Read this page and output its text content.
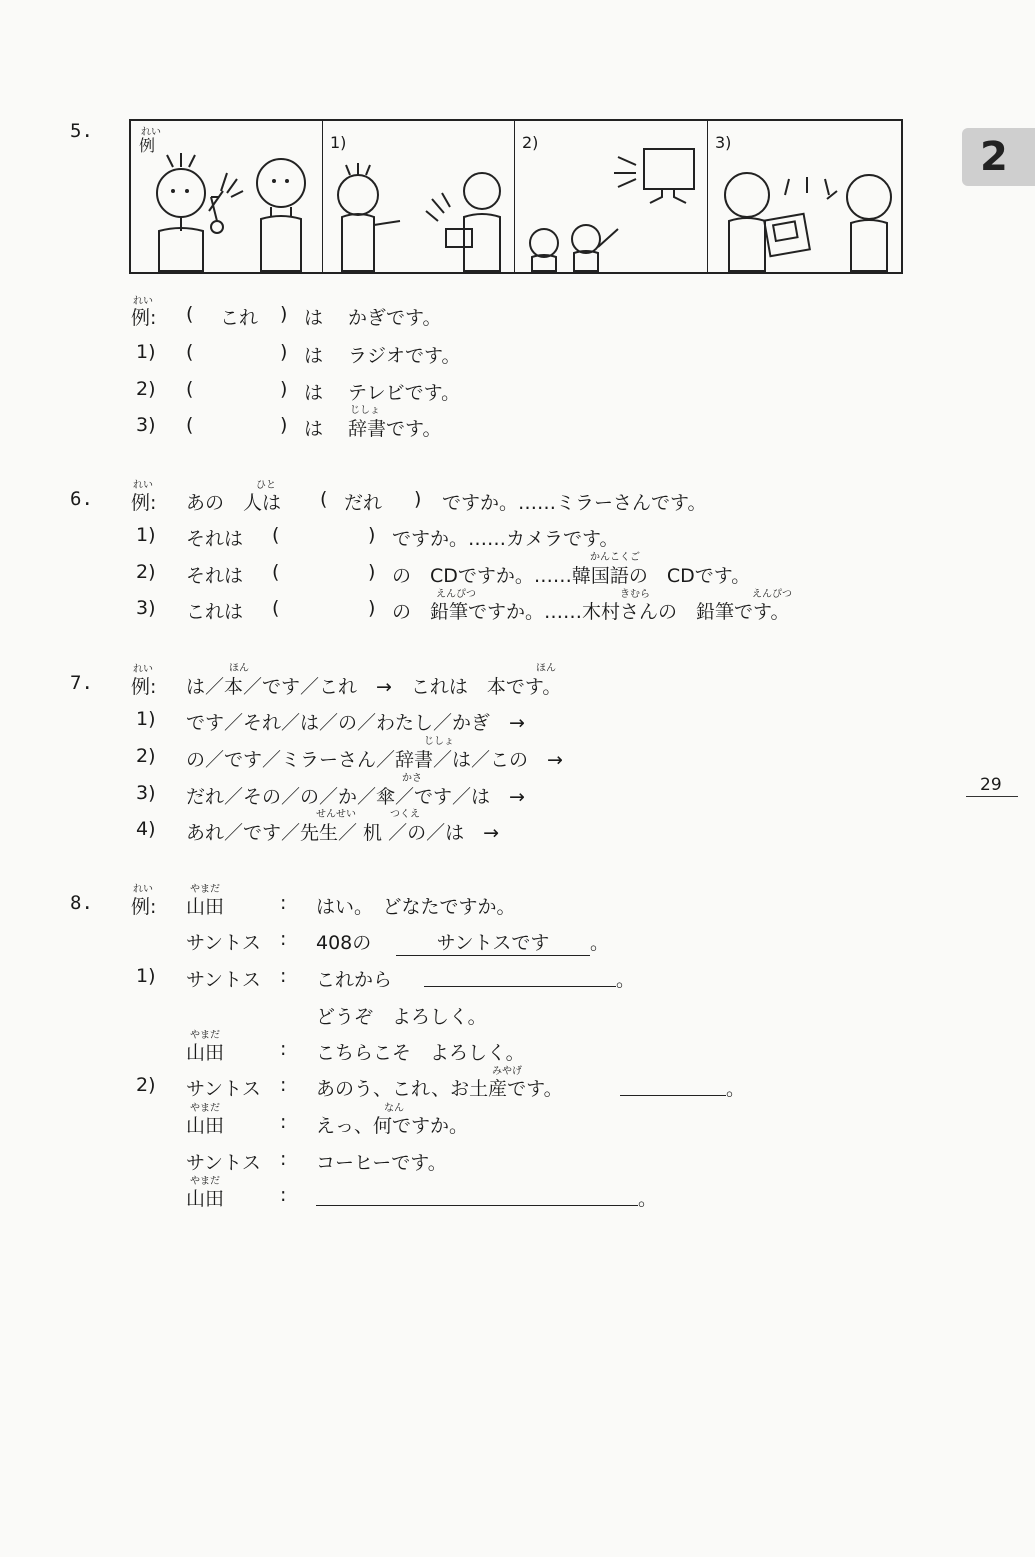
2
29
5.	れい
例	1)	2)	3)
れい
例: ( これ ) は かぎです。
1) (	) は ラジオです。
2) (	) は テレビです。
じしょ
3) (	) は 辞書です。
6.
れい	ひと
例: あの　人は ( だれ ) ですか。……ミラーさんです。
1) それは (	) ですか。……カメラです。
かんこくご
2) それは (	) の　CDですか。……韓国語の　CDです。
えんぴつ	きむら	えんぴつ
3) これは (	) の　鉛筆ですか。……木村さんの　鉛筆です。
7.
れい	ほん	ほん
例: は／本／です／これ　→　これは　本です。
1) です／それ／は／の／わたし／かぎ　→
じしょ
2) の／です／ミラーさん／辞書／は／この　→
かさ
3) だれ／その／の／か／傘／です／は　→
せんせい	つくえ
4) あれ／です／先生／ 机 ／の／は　→
8.
れい
例:
やまだ
山田	: はい。　どなたですか。
サントス : 408の	サントスです	。
1) サントス : これから	。
どうぞ　よろしく。
やまだ
山田	: こちらこそ　よろしく。
2) サントス :
みやげ
あのう、これ、お土産です。	。
やまだ
山田	:
なん
えっ、何ですか。
サントス : コーヒーです。
やまだ
山田	:	。
